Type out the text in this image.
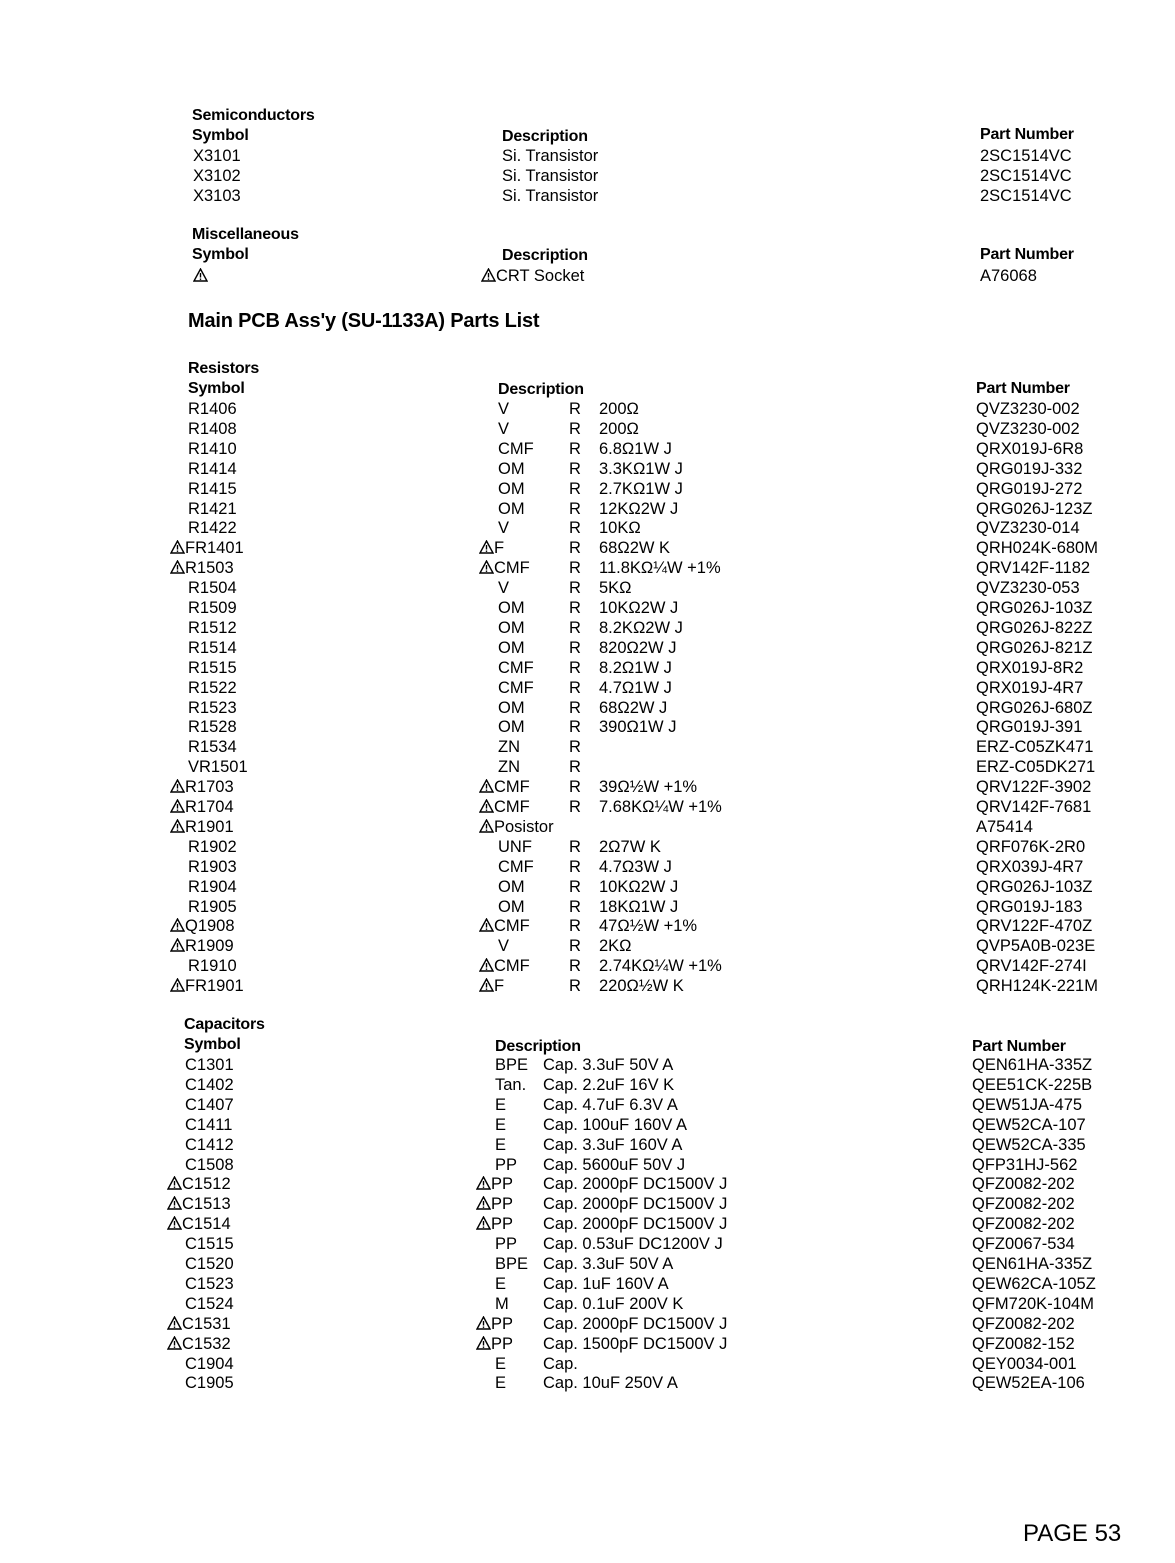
Semiconductors
Symbol	Description	Part Number
X3101	Si. Transistor	2SC1514VC
X3102	Si. Transistor	2SC1514VC
X3103	Si. Transistor	2SC1514VC
Miscellaneous
Symbol	Description	Part Number
CRT Socket	A76068
Main PCB Ass'y (SU-1133A) Parts List
Resistors
Symbol	Description	Part Number
R1406	V	R 200Ω	QVZ3230-002
R1408	V	R 200Ω	QVZ3230-002
R1410	CMF R 6.8Ω1W J	QRX019J-6R8
R1414	OM	R 3.3KΩ1W J	QRG019J-332
R1415	OM	R 2.7KΩ1W J	QRG019J-272
R1421	OM	R 12KΩ2W J	QRG026J-123Z
R1422	V	R 10KΩ	QVZ3230-014
FR1401	F	R 68Ω2W K	QRH024K-680M
R1503	CMF R 11.8KΩ¼W +1%	QRV142F-1182
R1504	V	R 5KΩ	QVZ3230-053
R1509	OM	R 10KΩ2W J	QRG026J-103Z
R1512	OM	R 8.2KΩ2W J	QRG026J-822Z
R1514	OM	R 820Ω2W J	QRG026J-821Z
R1515	CMF R 8.2Ω1W J	QRX019J-8R2
R1522	CMF R 4.7Ω1W J	QRX019J-4R7
R1523	OM	R 68Ω2W J	QRG026J-680Z
R1528	OM	R 390Ω1W J	QRG019J-391
R1534	ZN	R	ERZ-C05ZK471
VR1501	ZN	R	ERZ-C05DK271
R1703	CMF R 39Ω½W +1%	QRV122F-3902
R1704	CMF R 7.68KΩ¼W +1%	QRV142F-7681
R1901	Posistor	A75414
R1902	UNF R 2Ω7W K	QRF076K-2R0
R1903	CMF R 4.7Ω3W J	QRX039J-4R7
R1904	OM	R 10KΩ2W J	QRG026J-103Z
R1905	OM	R 18KΩ1W J	QRG019J-183
Q1908	CMF R 47Ω½W +1%	QRV122F-470Z
R1909	V	R 2KΩ	QVP5A0B-023E
R1910	CMF R 2.74KΩ¼W +1%	QRV142F-274I
FR1901	F	R 220Ω½W K	QRH124K-221M
Capacitors
Symbol	Description	Part Number
C1301	BPE Cap. 3.3uF 50V A	QEN61HA-335Z
C1402	Tan. Cap. 2.2uF 16V K	QEE51CK-225B
C1407	E Cap. 4.7uF 6.3V A	QEW51JA-475
C1411	E Cap. 100uF 160V A	QEW52CA-107
C1412	E Cap. 3.3uF 160V A	QEW52CA-335
C1508	PP Cap. 5600uF 50V J	QFP31HJ-562
C1512	PP Cap. 2000pF DC1500V J	QFZ0082-202
C1513	PP Cap. 2000pF DC1500V J	QFZ0082-202
C1514	PP Cap. 2000pF DC1500V J	QFZ0082-202
C1515	PP Cap. 0.53uF DC1200V J	QFZ0067-534
C1520	BPE Cap. 3.3uF 50V A	QEN61HA-335Z
C1523	E Cap. 1uF 160V A	QEW62CA-105Z
C1524	M Cap. 0.1uF 200V K	QFM720K-104M
C1531	PP Cap. 2000pF DC1500V J	QFZ0082-202
C1532	PP Cap. 1500pF DC1500V J	QFZ0082-152
C1904	E Cap.	QEY0034-001
C1905	E Cap. 10uF 250V A	QEW52EA-106
PAGE 53
